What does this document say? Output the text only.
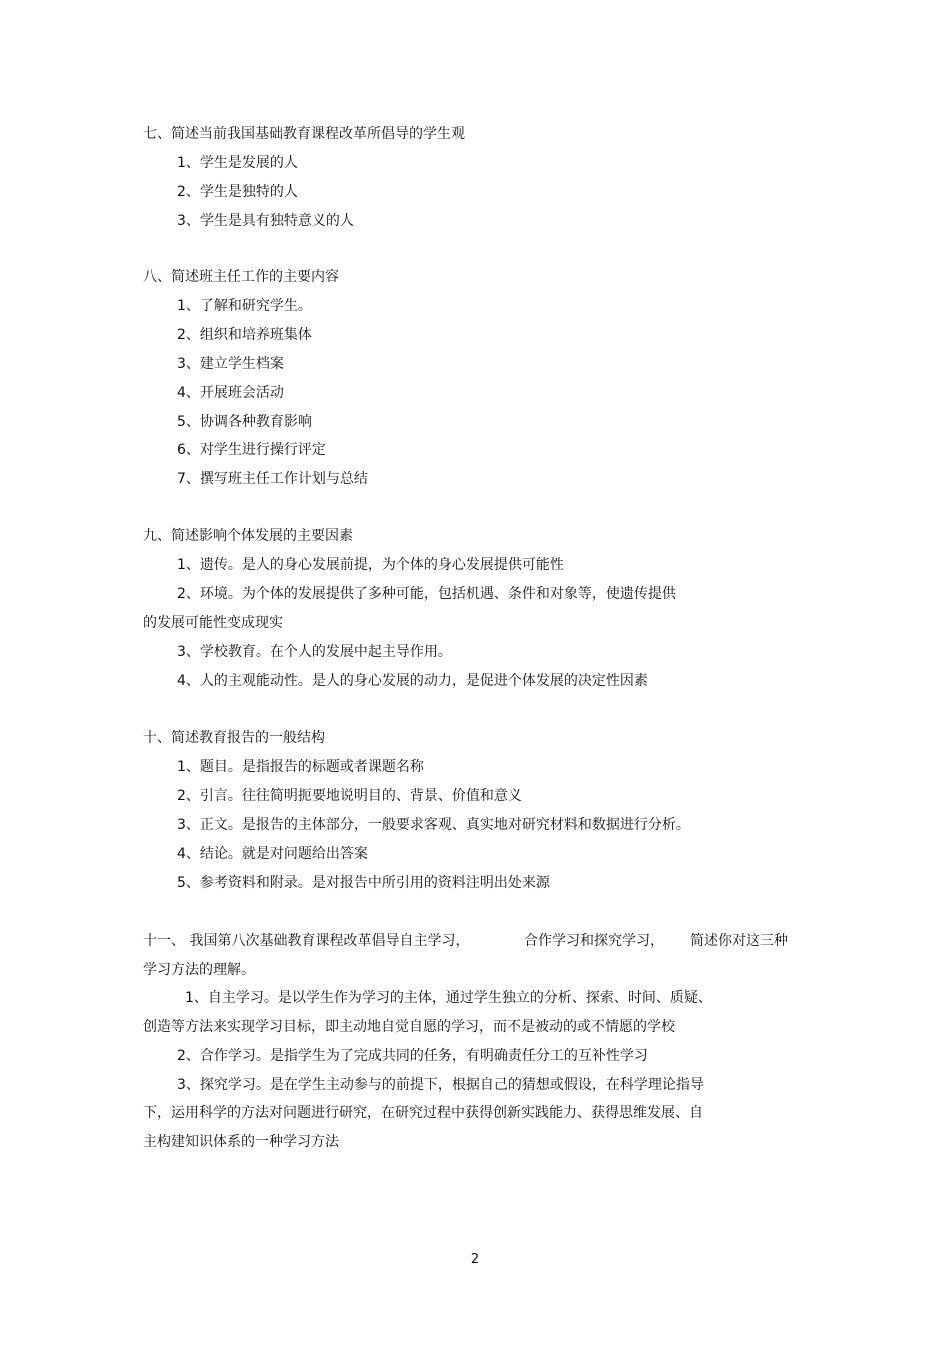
七、简述当前我国基础教育课程改革所倡导的学生观
1、学生是发展的人
2、学生是独特的人
3、学生是具有独特意义的人
八、简述班主任工作的主要内容
1、了解和研究学生。
2、组织和培养班集体
3、建立学生档案
4、开展班会活动
5、协调各种教育影响
6、对学生进行操行评定
7、撰写班主任工作计划与总结
九、简述影响个体发展的主要因素
1、遗传。是人的身心发展前提，为个体的身心发展提供可能性
2、环境。为个体的发展提供了多种可能，包括机遇、条件和对象等，使遗传提供
的发展可能性变成现实
3、学校教育。在个人的发展中起主导作用。
4、人的主观能动性。是人的身心发展的动力，是促进个体发展的决定性因素
十、简述教育报告的一般结构
1、题目。是指报告的标题或者课题名称
2、引言。往往简明扼要地说明目的、背景、价值和意义
3、正文。是报告的主体部分，一般要求客观、真实地对研究材料和数据进行分析。
4、结论。就是对问题给出答案
5、参考资料和附录。是对报告中所引用的资料注明出处来源
十一、 我国第八次基础教育课程改革倡导自主学习，	合作学习和探究学习， 简述你对这三种
学习方法的理解。
1、自主学习。是以学生作为学习的主体，通过学生独立的分析、探索、时间、质疑、
创造等方法来实现学习目标，即主动地自觉自愿的学习，而不是被动的或不情愿的学校
2、合作学习。是指学生为了完成共同的任务，有明确责任分工的互补性学习
3、探究学习。是在学生主动参与的前提下，根据自己的猜想或假设，在科学理论指导
下，运用科学的方法对问题进行研究，在研究过程中获得创新实践能力、获得思维发展、自
主构建知识体系的一种学习方法
2
